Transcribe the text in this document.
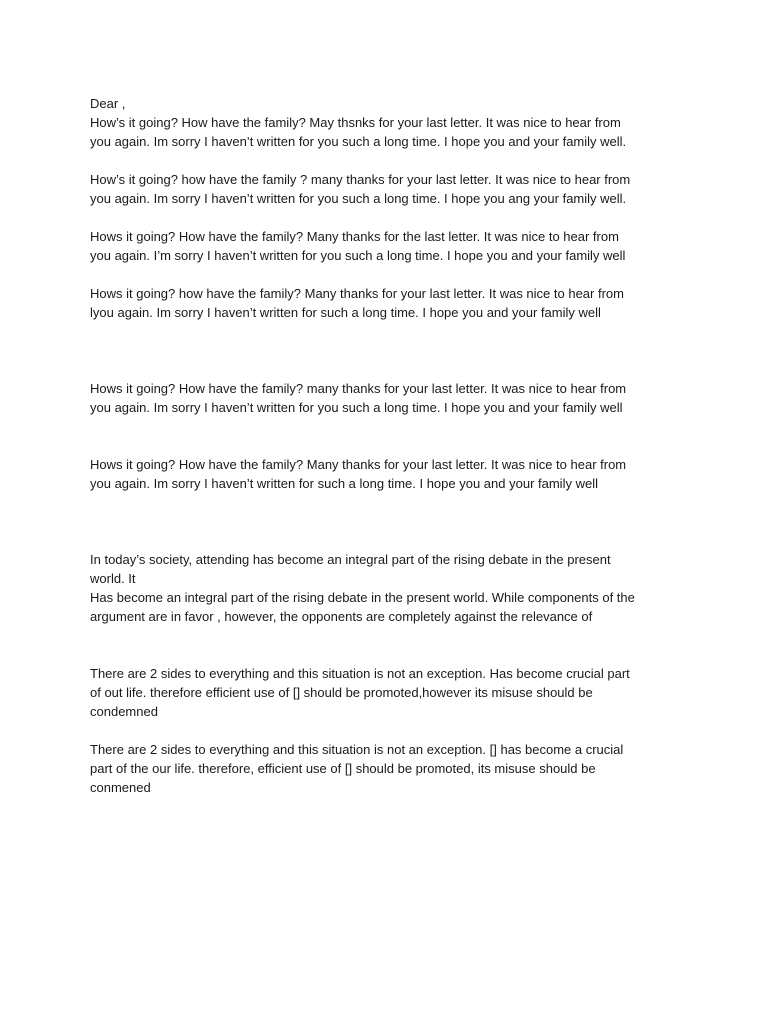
Dear ,

How’s it going? How have the family? May thsnks for your last letter. It was nice to hear from
you again. Im sorry I haven’t written for you such a long time. I hope you and your family well.

How’s it going? how have the family ? many thanks for your last letter. It was nice to hear from
you again. Im sorry I haven’t written for you such a long time. I hope you ang your family well.

Hows it going? How have the family? Many thanks for the last letter. It was nice to hear from
you again. I’m sorry I haven’t written for you such a long time. I hope you and your family well

Hows it going? how have the family? Many thanks for your last letter. It was nice to hear from
lyou again. Im sorry I haven’t written for such a long time. I hope you and your family well

Hows it going? How have the family? many thanks for your last letter. It was nice to hear from
you again. Im sorry I haven’t written for you such a long time. I hope you and your family well

Hows it going? How have the family? Many thanks for your last letter. It was nice to hear from
you again. Im sorry I haven’t written for such a long time. I hope you and your family well

In today’s society, attending has become an integral part of the rising debate in the present
world. It
Has become an integral part of the rising debate in the present world. While components of the
argument are in favor , however, the opponents are completely against the relevance of

There are 2 sides to everything and this situation is not an exception. Has become crucial part
of out life. therefore efficient use of [] should be promoted,however its misuse should be
condemned

There are 2 sides to everything and this situation is not an exception. [] has become a crucial
part of the our life. therefore, efficient use of [] should be promoted, its misuse should be
conmened
